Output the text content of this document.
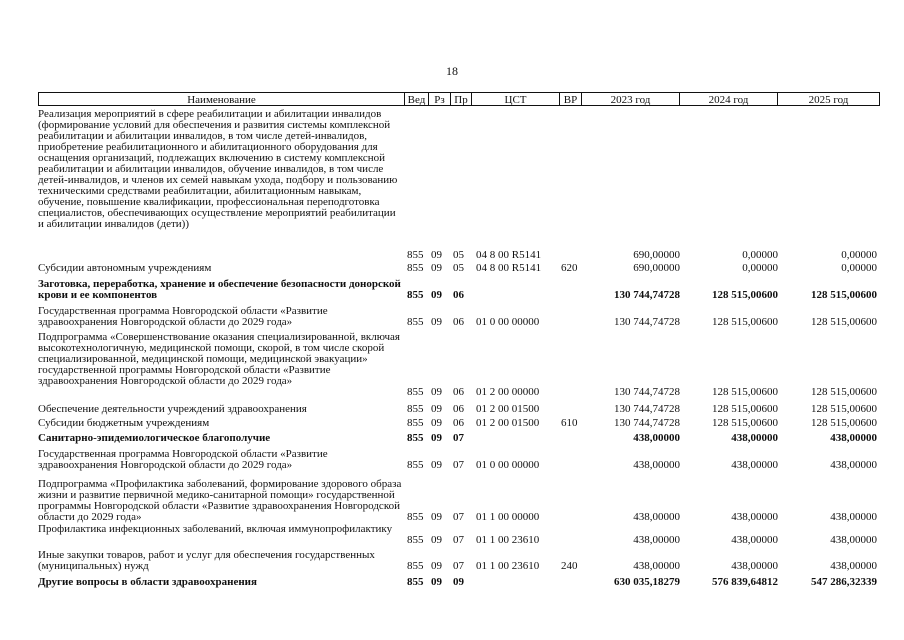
18
Наименование	Вед Рз Пр	ЦСТ	ВР	2023 год	2024 год	2025 год
Реализация мероприятий в сфере реабилитации и абилитации инвалидов (формирование условий для обеспечения и развития системы комплексной реабилитации и абилитации инвалидов, в том числе детей-инвалидов, приобретение реабилитационного и абилитационного оборудования для оснащения организаций, подлежащих включению в систему комплексной реабилитации и абилитации инвалидов, обучение инвалидов, в том числе детей-инвалидов, и членов их семей навыкам ухода, подбору и пользованию техническими средствами реабилитации, абилитационным навыкам, обучение, повышение квалификации, профессиональная переподготовка специалистов, обеспечивающих осуществление мероприятий реабилитации и абилитации инвалидов (дети))
855 09 05 04 8 00 R5141	690,00000	0,00000	0,00000
Субсидии автономным учреждениям	855 09 05 04 8 00 R5141 620	690,00000	0,00000	0,00000
Заготовка, переработка, хранение и обеспечение безопасности донорской крови и ее компонентов	855 09 06	130 744,74728	128 515,00600	128 515,00600
Государственная программа Новгородской области «Развитие здравоохранения Новгородской области до 2029 года»	855 09 06 01 0 00 00000	130 744,74728	128 515,00600	128 515,00600
Подпрограмма «Совершенствование оказания специализированной, включая высокотехнологичную, медицинской помощи, скорой, в том числе скорой специализированной, медицинской помощи, медицинской эвакуации» государственной программы Новгородской области «Развитие здравоохранения Новгородской области до 2029 года»
855 09 06 01 2 00 00000	130 744,74728	128 515,00600	128 515,00600
Обеспечение деятельности учреждений здравоохранения	855 09 06 01 2 00 01500	130 744,74728	128 515,00600	128 515,00600
Субсидии бюджетным учреждениям	855 09 06 01 2 00 01500 610	130 744,74728	128 515,00600	128 515,00600
Санитарно-эпидемиологическое благополучие	855 09 07	438,00000	438,00000	438,00000
Государственная программа Новгородской области «Развитие здравоохранения Новгородской области до 2029 года»	855 09 07 01 0 00 00000	438,00000	438,00000	438,00000
Подпрограмма «Профилактика заболеваний, формирование здорового образа жизни и развитие первичной медико-санитарной помощи» государственной программы Новгородской области «Развитие здравоохранения Новгородской области до 2029 года»	855 09 07 01 1 00 00000	438,00000	438,00000	438,00000
Профилактика инфекционных заболеваний, включая иммунопрофилактику
855 09 07 01 1 00 23610	438,00000	438,00000	438,00000
Иные закупки товаров, работ и услуг для обеспечения государственных (муниципальных) нужд	855 09 07 01 1 00 23610 240	438,00000	438,00000	438,00000
Другие вопросы в области здравоохранения	855 09 09	630 035,18279	576 839,64812	547 286,32339
